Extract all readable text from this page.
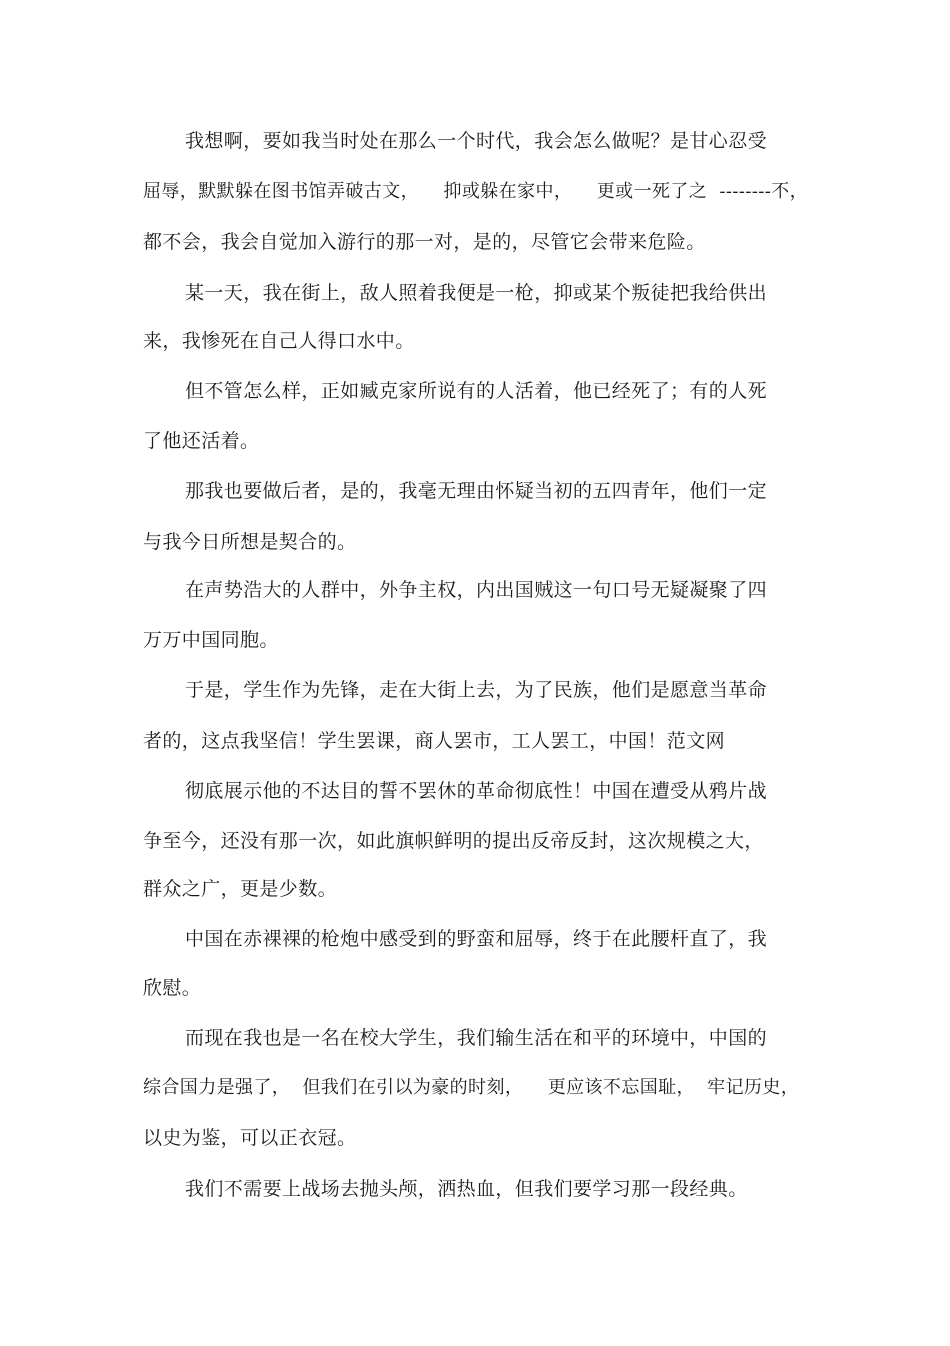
我想啊，要如我当时处在那么一个时代，我会怎么做呢？是甘心忍受
屈辱，默默躲在图书馆弄破古文，    抑或躲在家中，    更或一死了之  --------不，
都不会，我会自觉加入游行的那一对，是的，尽管它会带来危险。
某一天，我在街上，敌人照着我便是一枪，抑或某个叛徒把我给供出
来，我惨死在自己人得口水中。
但不管怎么样，正如臧克家所说有的人活着，他已经死了；有的人死
了他还活着。
那我也要做后者，是的，我毫无理由怀疑当初的五四青年，他们一定
与我今日所想是契合的。
在声势浩大的人群中，外争主权，内出国贼这一句口号无疑凝聚了四
万万中国同胞。
于是，学生作为先锋，走在大街上去，为了民族，他们是愿意当革命
者的，这点我坚信！学生罢课，商人罢市，工人罢工，中国！范文网
彻底展示他的不达目的誓不罢休的革命彻底性！中国在遭受从鸦片战
争至今，还没有那一次，如此旗帜鲜明的提出反帝反封，这次规模之大，
群众之广，更是少数。
中国在赤裸裸的枪炮中感受到的野蛮和屈辱，终于在此腰杆直了，我
欣慰。
而现在我也是一名在校大学生，我们输生活在和平的环境中，中国的
综合国力是强了，  但我们在引以为豪的时刻，    更应该不忘国耻，  牢记历史，
以史为鉴，可以正衣冠。
我们不需要上战场去抛头颅，洒热血，但我们要学习那一段经典。
